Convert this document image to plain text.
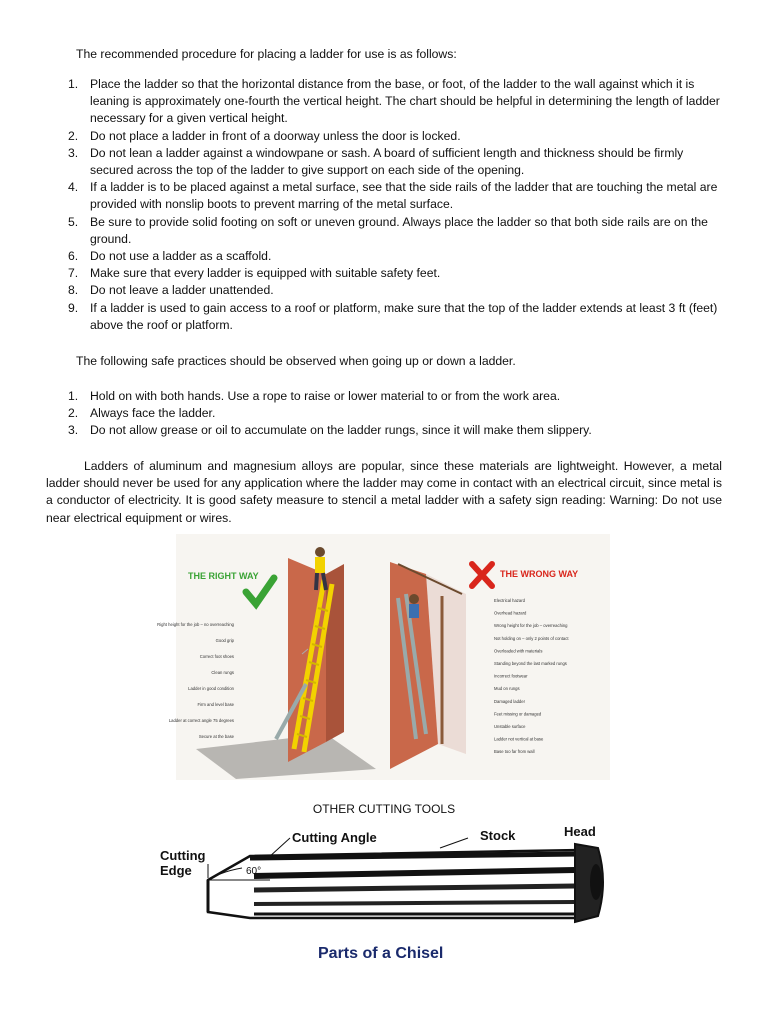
The recommended procedure for placing a ladder for use is as follows:

1. Place the ladder so that the horizontal distance from the base, or foot, of the ladder to the wall against which it is leaning is approximately one-fourth the vertical height. The chart should be helpful in determining the length of ladder necessary for a given vertical height.
2. Do not place a ladder in front of a doorway unless the door is locked.
3. Do not lean a ladder against a windowpane or sash. A board of sufficient length and thickness should be firmly secured across the top of the ladder to give support on each side of the opening.
4. If a ladder is to be placed against a metal surface, see that the side rails of the ladder that are touching the metal are provided with nonslip boots to prevent marring of the metal surface.
5. Be sure to provide solid footing on soft or uneven ground. Always place the ladder so that both side rails are on the ground.
6. Do not use a ladder as a scaffold.
7. Make sure that every ladder is equipped with suitable safety feet.
8. Do not leave a ladder unattended.
9. If a ladder is used to gain access to a roof or platform, make sure that the top of the ladder extends at least 3 ft (feet) above the roof or platform.

The following safe practices should be observed when going up or down a ladder.

1. Hold on with both hands. Use a rope to raise or lower material to or from the work area.
2. Always face the ladder.
3. Do not allow grease or oil to accumulate on the ladder rungs, since it will make them slippery.

Ladders of aluminum and magnesium alloys are popular, since these materials are lightweight. However, a metal ladder should never be used for any application where the ladder may come in contact with an electrical circuit, since metal is a conductor of electricity. It is good safety measure to stencil a metal ladder with a safety sign reading: Warning: Do not use near electrical equipment or wires.

THE RIGHT WAY
Right height for the job – no overreaching
Good grip
Correct foot shoes
Clean rungs
Ladder in good condition
Firm and level base
Ladder at correct angle 75 degrees
Secure at the base
THE WRONG WAY
Electrical hazard
Overhead hazard
Wrong height for the job – overreaching
Not holding on – only 2 points of contact
Overloaded with materials
Standing beyond the last marked rungs
Incorrect footwear
Mud on rungs
Damaged ladder
Feet missing or damaged
Unstable surface
Ladder not vertical at base
Base too far from wall
OTHER CUTTING TOOLS
Cutting Edge
Cutting Angle	Stock	Head
60°
Parts of a Chisel
